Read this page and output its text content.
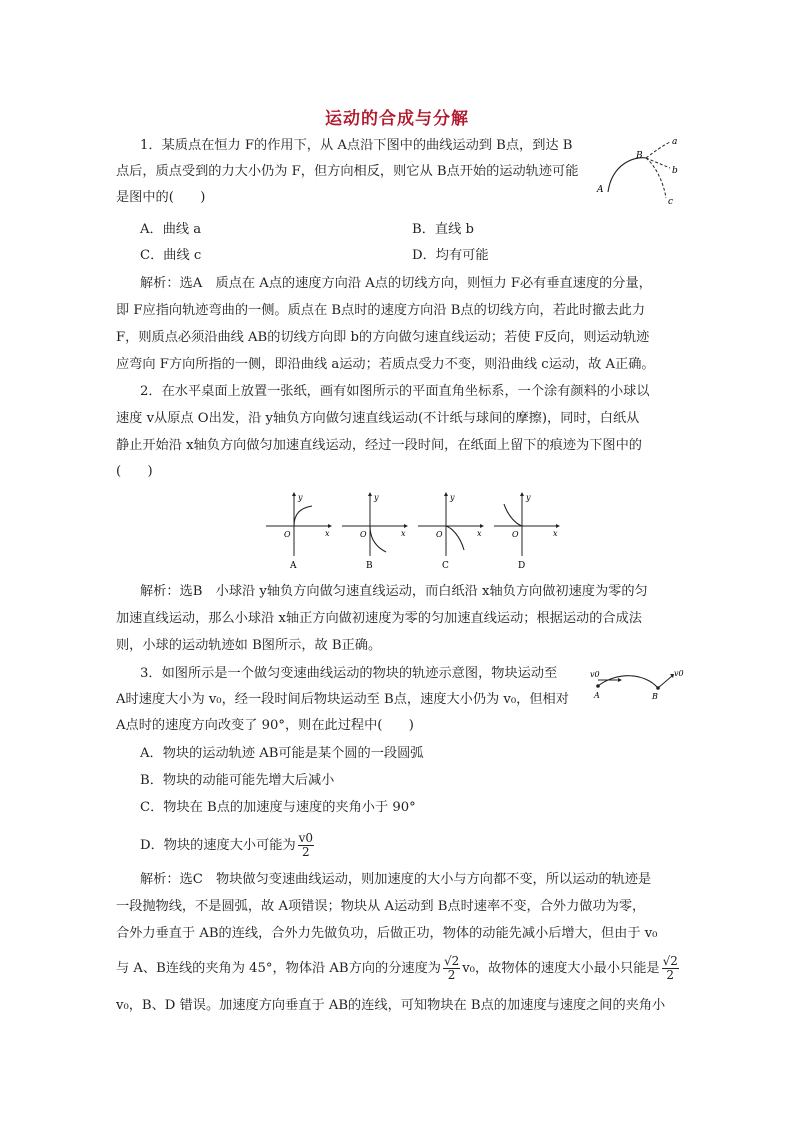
运动的合成与分解
1．某质点在恒力 F的作用下，从 A点沿下图中的曲线运动到 B点，到达 B
点后，质点受到的力大小仍为 F，但方向相反，则它从 B点开始的运动轨迹可能
是图中的(　　)	A
B
a
b
c
A．曲线 a	B．直线 b
C．曲线 c	D．均有可能
解析：选A　质点在 A点的速度方向沿 A点的切线方向，则恒力 F必有垂直速度的分量，
即 F应指向轨迹弯曲的一侧。质点在 B点时的速度方向沿 B点的切线方向，若此时撤去此力
F，则质点必须沿曲线 AB的切线方向即 b的方向做匀速直线运动；若使 F反向，则运动轨迹
应弯向 F方向所指的一侧，即沿曲线 a运动；若质点受力不变，则沿曲线 c运动，故 A正确。
2．在水平桌面上放置一张纸，画有如图所示的平面直角坐标系，一个涂有颜料的小球以
速度 v从原点 O出发，沿 y轴负方向做匀速直线运动(不计纸与球间的摩擦)，同时，白纸从
静止开始沿 x轴负方向做匀加速直线运动，经过一段时间，在纸面上留下的痕迹为下图中的
(　　)
y
x
O
A
y
x
O
B
y
x
O
C
y
x
O
D
解析：选B　小球沿 y轴负方向做匀速直线运动，而白纸沿 x轴负方向做初速度为零的匀
加速直线运动，那么小球沿 x轴正方向做初速度为零的匀加速直线运动；根据运动的合成法
则，小球的运动轨迹如 B图所示，故 B正确。
3．如图所示是一个做匀变速曲线运动的物块的轨迹示意图，物块运动至
A时速度大小为 v₀，经一段时间后物块运动至 B点，速度大小仍为 v₀，但相对
A点时的速度方向改变了 90°，则在此过程中(　　)
v0
A	B
v0
A．物块的运动轨迹 AB可能是某个圆的一段圆弧
B．物块的动能可能先增大后减小
C．物块在 B点的加速度与速度的夹角小于 90°
D．物块的速度大小可能为 $\frac{v0}{2}$
解析：选C　物块做匀变速曲线运动，则加速度的大小与方向都不变，所以运动的轨迹是
一段抛物线，不是圆弧，故 A项错误；物块从 A运动到 B点时速率不变，合外力做功为零，
合外力垂直于 AB的连线，合外力先做负功，后做正功，物体的动能先减小后增大，但由于 v₀
与 A、B连线的夹角为 45°，物体沿 AB方向的分速度为 $\frac{√2}{2} v_0$，故物体的速度大小最小只能是 $\frac{√2}{2}$
v₀，B、D 错误。加速度方向垂直于 AB的连线，可知物块在 B点的加速度与速度之间的夹角小
